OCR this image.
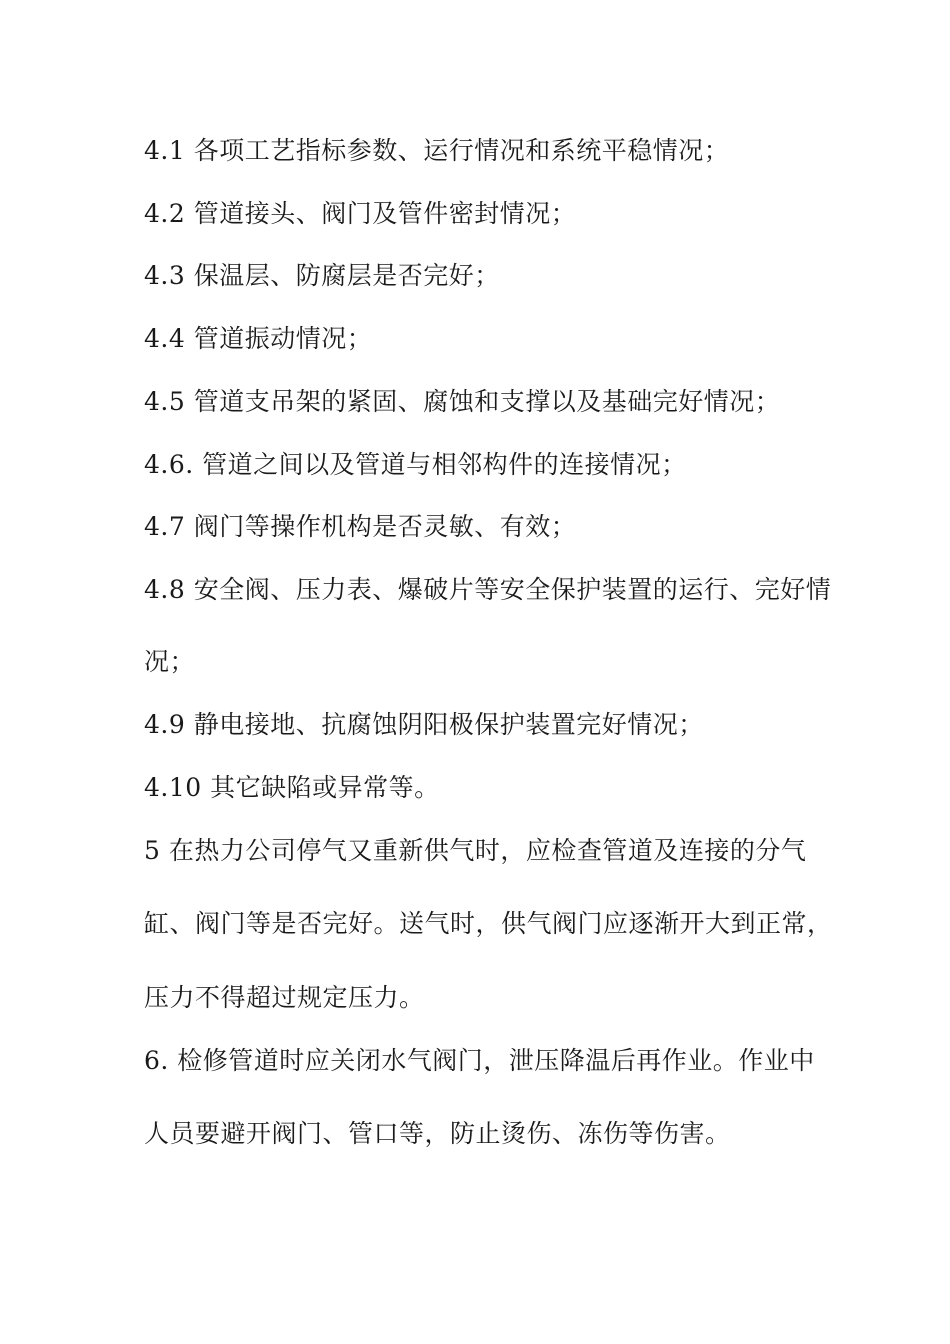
4.1 各项工艺指标参数、运行情况和系统平稳情况；
4.2 管道接头、阀门及管件密封情况；
4.3 保温层、防腐层是否完好；
4.4 管道振动情况；
4.5 管道支吊架的紧固、腐蚀和支撑以及基础完好情况；
4.6. 管道之间以及管道与相邻构件的连接情况；
4.7 阀门等操作机构是否灵敏、有效；
4.8 安全阀、压力表、爆破片等安全保护装置的运行、完好情
况；
4.9 静电接地、抗腐蚀阴阳极保护装置完好情况；
4.10 其它缺陷或异常等。
5 在热力公司停气又重新供气时，应检查管道及连接的分气
缸、阀门等是否完好。送气时，供气阀门应逐渐开大到正常，
压力不得超过规定压力。
6. 检修管道时应关闭水气阀门，泄压降温后再作业。作业中
人员要避开阀门、管口等，防止烫伤、冻伤等伤害。
